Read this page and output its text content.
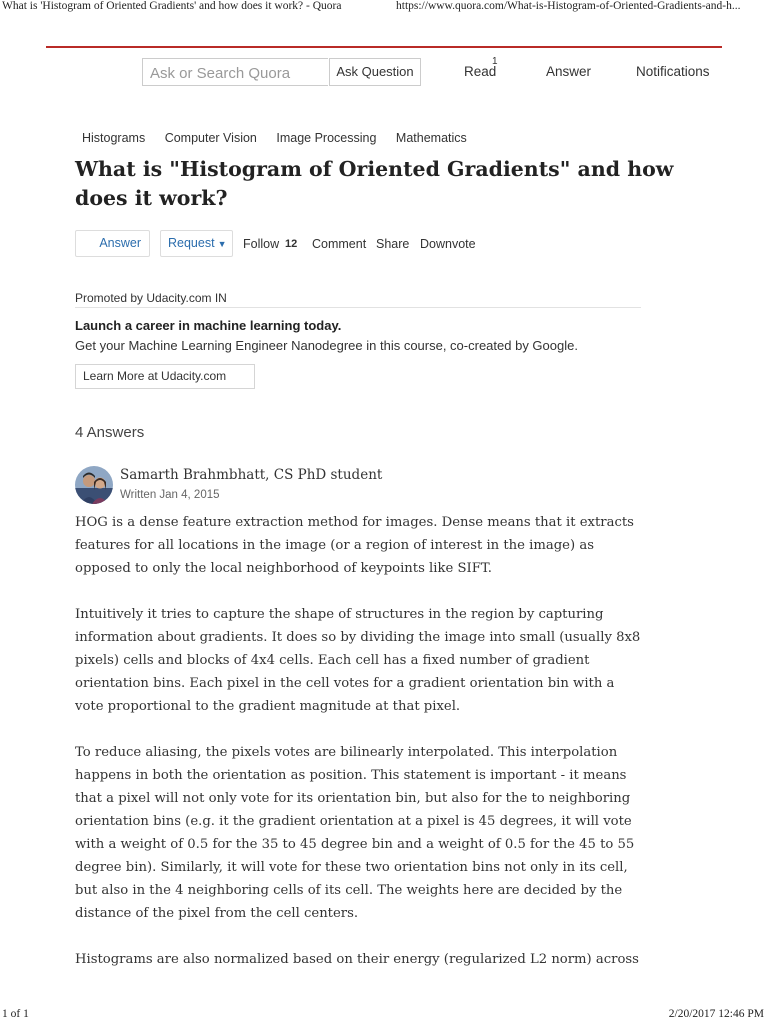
What is 'Histogram of Oriented Gradients' and how does it work? - Quora	https://www.quora.com/What-is-Histogram-of-Oriented-Gradients-and-h...
Ask or Search Quora	Ask Question	Read
1
Answer	Notifications
Histograms Computer Vision Image Processing Mathematics
What is "Histogram of Oriented Gradients" and how does it work?
Answer	Request ▼	Follow 12 Comment Share Downvote
Promoted by Udacity.com IN
Launch a career in machine learning today.
Get your Machine Learning Engineer Nanodegree in this course, co-created by Google.
Learn More at Udacity.com
4 Answers
Samarth Brahmbhatt, CS PhD student
Written Jan 4, 2015

HOG is a dense feature extraction method for images. Dense means that it extracts
features for all locations in the image (or a region of interest in the image) as
opposed to only the local neighborhood of keypoints like SIFT.

Intuitively it tries to capture the shape of structures in the region by capturing
information about gradients. It does so by dividing the image into small (usually 8x8
pixels) cells and blocks of 4x4 cells. Each cell has a fixed number of gradient
orientation bins. Each pixel in the cell votes for a gradient orientation bin with a
vote proportional to the gradient magnitude at that pixel.

To reduce aliasing, the pixels votes are bilinearly interpolated. This interpolation
happens in both the orientation as position. This statement is important - it means
that a pixel will not only vote for its orientation bin, but also for the to neighboring
orientation bins (e.g. it the gradient orientation at a pixel is 45 degrees, it will vote
with a weight of 0.5 for the 35 to 45 degree bin and a weight of 0.5 for the 45 to 55
degree bin). Similarly, it will vote for these two orientation bins not only in its cell,
but also in the 4 neighboring cells of its cell. The weights here are decided by the
distance of the pixel from the cell centers.

Histograms are also normalized based on their energy (regularized L2 norm) across

1 of 1	2/20/2017 12:46 PM
